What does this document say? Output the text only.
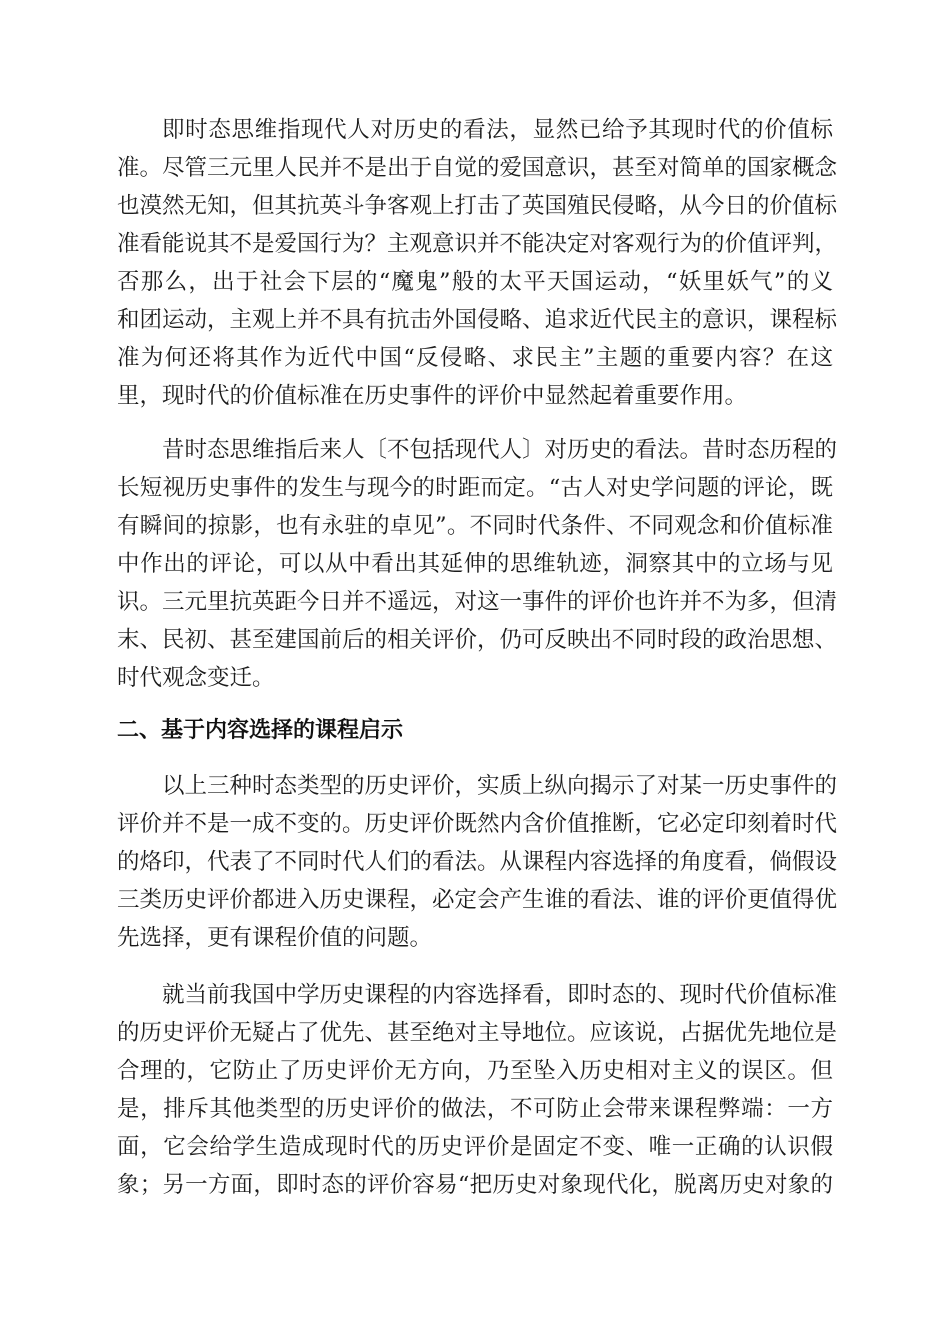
即时态思维指现代人对历史的看法，显然已给予其现时代的价值标

准。尽管三元里人民并不是出于自觉的爱国意识，甚至对简单的国家概念

也漠然无知，但其抗英斗争客观上打击了英国殖民侵略，从今日的价值标

准看能说其不是爱国行为？主观意识并不能决定对客观行为的价值评判，

否那么，出于社会下层的“魔鬼”般的太平天国运动，“妖里妖气”的义

和团运动，主观上并不具有抗击外国侵略、追求近代民主的意识，课程标

准为何还将其作为近代中国“反侵略、求民主”主题的重要内容？在这

里，现时代的价值标准在历史事件的评价中显然起着重要作用。

昔时态思维指后来人〔不包括现代人〕对历史的看法。昔时态历程的

长短视历史事件的发生与现今的时距而定。“古人对史学问题的评论，既

有瞬间的掠影，也有永驻的卓见”。不同时代条件、不同观念和价值标准

中作出的评论，可以从中看出其延伸的思维轨迹，洞察其中的立场与见

识。三元里抗英距今日并不遥远，对这一事件的评价也许并不为多，但清

末、民初、甚至建国前后的相关评价，仍可反映出不同时段的政治思想、

时代观念变迁。

二、基于内容选择的课程启示

以上三种时态类型的历史评价，实质上纵向揭示了对某一历史事件的

评价并不是一成不变的。历史评价既然内含价值推断，它必定印刻着时代

的烙印，代表了不同时代人们的看法。从课程内容选择的角度看，倘假设

三类历史评价都进入历史课程，必定会产生谁的看法、谁的评价更值得优

先选择，更有课程价值的问题。

就当前我国中学历史课程的内容选择看，即时态的、现时代价值标准

的历史评价无疑占了优先、甚至绝对主导地位。应该说，占据优先地位是

合理的，它防止了历史评价无方向，乃至坠入历史相对主义的误区。但

是，排斥其他类型的历史评价的做法，不可防止会带来课程弊端：一方

面，它会给学生造成现时代的历史评价是固定不变、唯一正确的认识假

象；另一方面，即时态的评价容易“把历史对象现代化，脱离历史对象的
